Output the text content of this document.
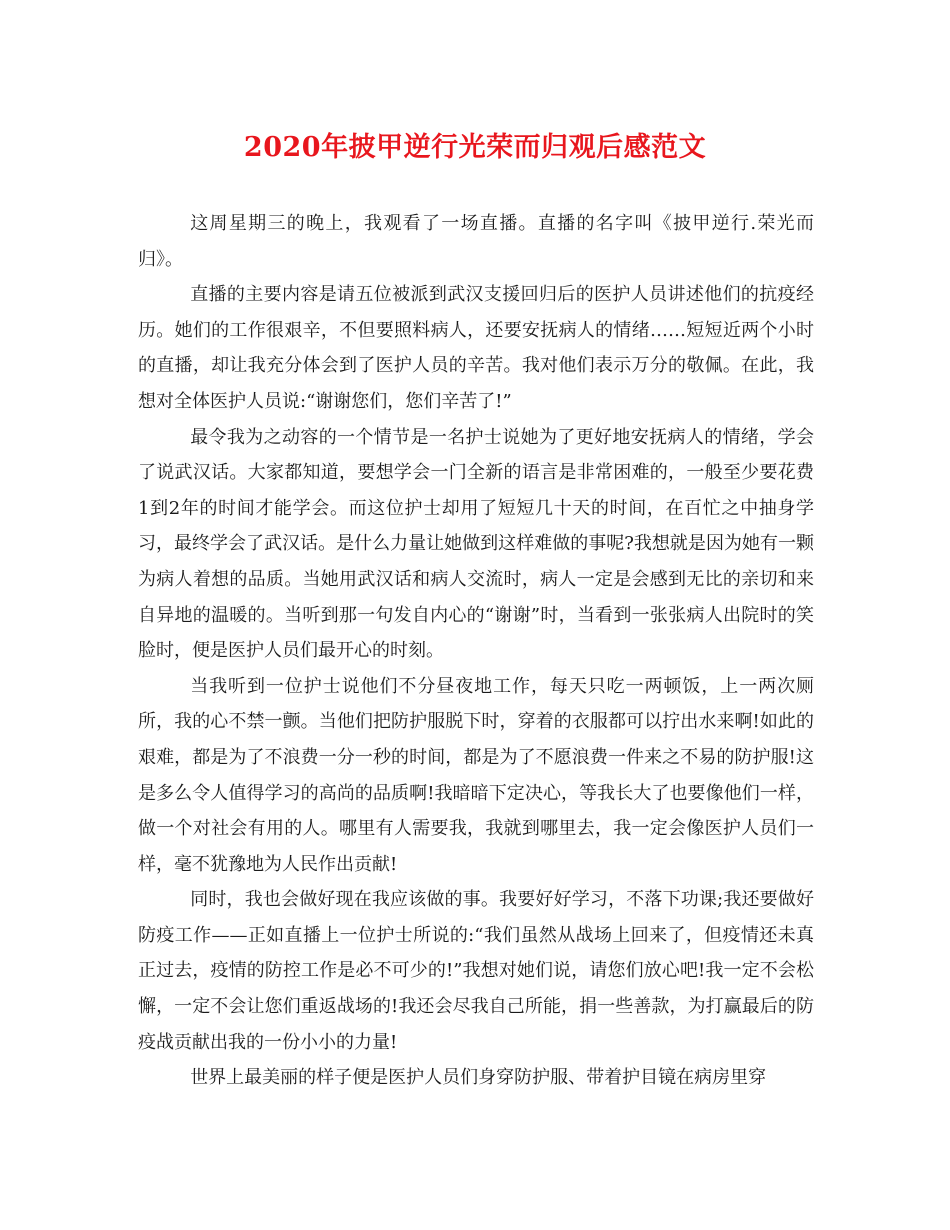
2020年披甲逆行光荣而归观后感范文

这周星期三的晚上，我观看了一场直播。直播的名字叫《披甲逆行.荣光而归》。

直播的主要内容是请五位被派到武汉支援回归后的医护人员讲述他们的抗疫经历。她们的工作很艰辛，不但要照料病人，还要安抚病人的情绪……短短近两个小时的直播，却让我充分体会到了医护人员的辛苦。我对他们表示万分的敬佩。在此，我想对全体医护人员说:“谢谢您们，您们辛苦了!”

最令我为之动容的一个情节是一名护士说她为了更好地安抚病人的情绪，学会了说武汉话。大家都知道，要想学会一门全新的语言是非常困难的，一般至少要花费1到2年的时间才能学会。而这位护士却用了短短几十天的时间，在百忙之中抽身学习，最终学会了武汉话。是什么力量让她做到这样难做的事呢?我想就是因为她有一颗为病人着想的品质。当她用武汉话和病人交流时，病人一定是会感到无比的亲切和来自异地的温暖的。当听到那一句发自内心的“谢谢”时，当看到一张张病人出院时的笑脸时，便是医护人员们最开心的时刻。

当我听到一位护士说他们不分昼夜地工作，每天只吃一两顿饭，上一两次厕所，我的心不禁一颤。当他们把防护服脱下时，穿着的衣服都可以拧出水来啊!如此的艰难，都是为了不浪费一分一秒的时间，都是为了不愿浪费一件来之不易的防护服!这是多么令人值得学习的高尚的品质啊!我暗暗下定决心，等我长大了也要像他们一样，做一个对社会有用的人。哪里有人需要我，我就到哪里去，我一定会像医护人员们一样，毫不犹豫地为人民作出贡献!

同时，我也会做好现在我应该做的事。我要好好学习，不落下功课;我还要做好防疫工作——正如直播上一位护士所说的:“我们虽然从战场上回来了，但疫情还未真正过去，疫情的防控工作是必不可少的!”我想对她们说，请您们放心吧!我一定不会松懈，一定不会让您们重返战场的!我还会尽我自己所能，捐一些善款，为打赢最后的防疫战贡献出我的一份小小的力量!

世界上最美丽的样子便是医护人员们身穿防护服、带着护目镜在病房里穿
